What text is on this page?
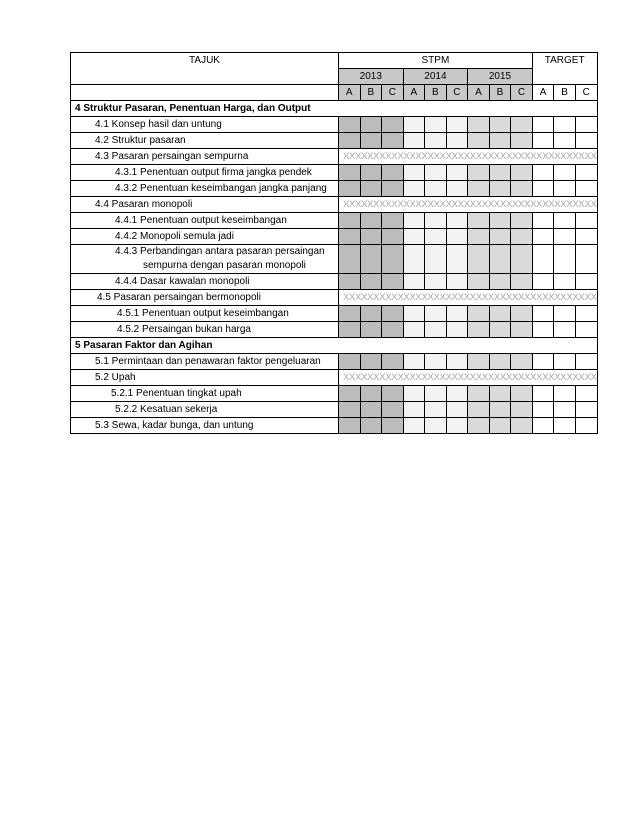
TAJUK	STPM									TARGET		
	2013			2014			2015					
	A	B	C	A	B	C	A	B	C	A	B	C
4 Struktur Pasaran, Penentuan Harga, dan Output												
4.1 Konsep hasil dan untung												
4.2 Struktur pasaran												
4.3 Pasaran persaingan sempurna	XXXXXXXXXXXXXXXXXXXXXXXXXXXXXXXXXXXXXXXXXX											
4.3.1 Penentuan output firma jangka pendek												
4.3.2 Penentuan keseimbangan jangka panjang												
4.4 Pasaran monopoli	XXXXXXXXXXXXXXXXXXXXXXXXXXXXXXXXXXXXXXXXXX											
4.4.1 Penentuan output keseimbangan												
4.4.2 Monopoli semula jadi												

4.4.3 Perbandingan antara pasaran persaingan
sempurna dengan pasaran monopoli												

4.4.4 Dasar kawalan monopoli												
4.5 Pasaran persaingan bermonopoli	XXXXXXXXXXXXXXXXXXXXXXXXXXXXXXXXXXXXXXXXXX											
4.5.1 Penentuan output keseimbangan												
4.5.2 Persaingan bukan harga												
5 Pasaran Faktor dan Agihan												
5.1 Permintaan dan penawaran faktor pengeluaran												
5.2 Upah	XXXXXXXXXXXXXXXXXXXXXXXXXXXXXXXXXXXXXXXXXX											
5.2.1 Penentuan tingkat upah												
5.2.2 Kesatuan sekerja												
5.3 Sewa, kadar bunga, dan untung												
